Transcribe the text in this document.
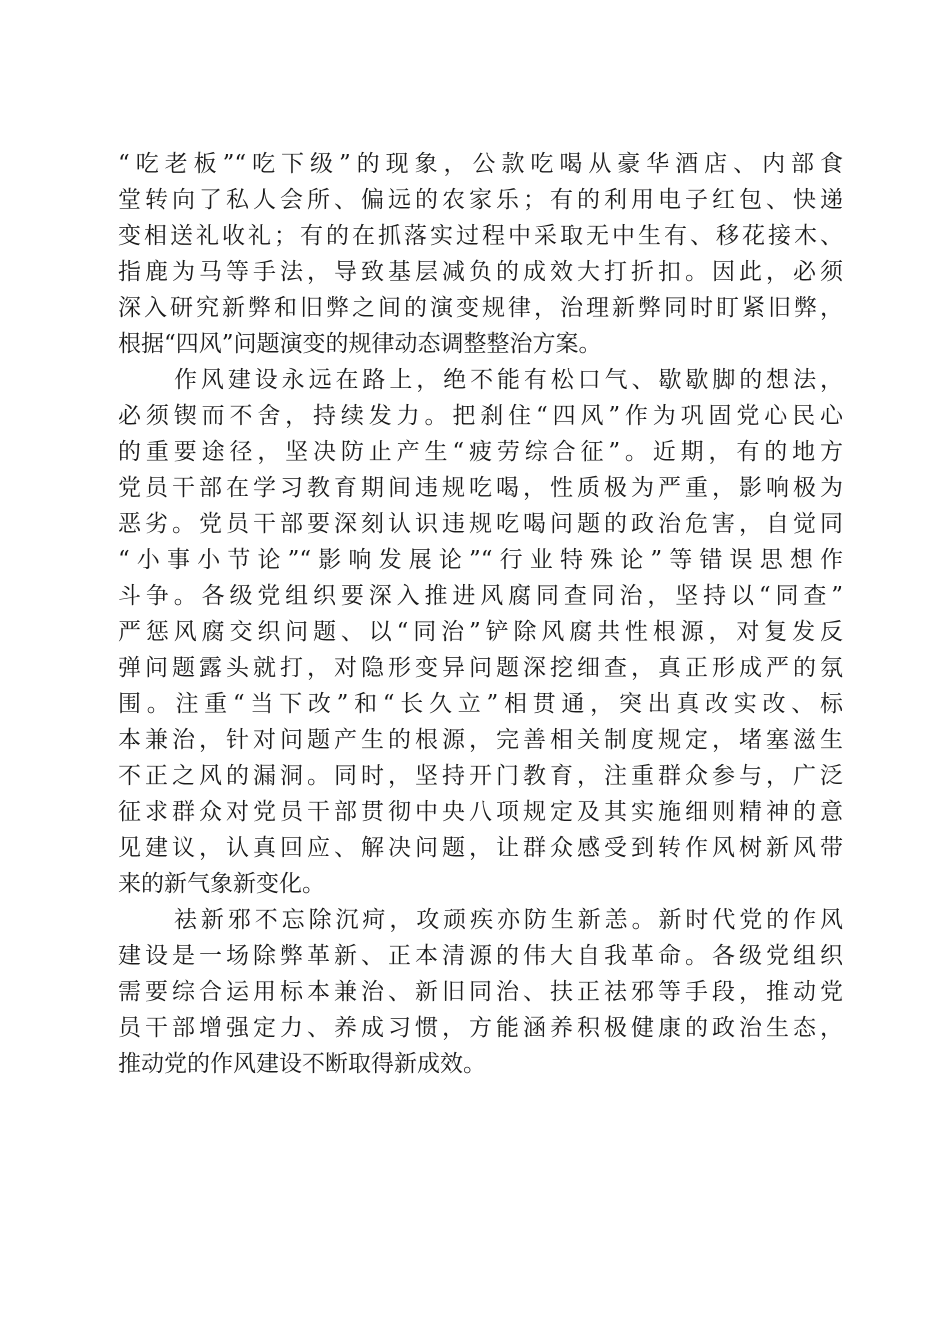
“吃老板”“吃下级”的现象，公款吃喝从豪华酒店、内部食
堂转向了私人会所、偏远的农家乐；有的利用电子红包、快递
变相送礼收礼；有的在抓落实过程中采取无中生有、移花接木、
指鹿为马等手法，导致基层减负的成效大打折扣。因此，必须
深入研究新弊和旧弊之间的演变规律，治理新弊同时盯紧旧弊，
根据“四风”问题演变的规律动态调整整治方案。
作风建设永远在路上，绝不能有松口气、歇歇脚的想法，
必须锲而不舍，持续发力。把刹住“四风”作为巩固党心民心
的重要途径，坚决防止产生“疲劳综合征”。近期，有的地方
党员干部在学习教育期间违规吃喝，性质极为严重，影响极为
恶劣。党员干部要深刻认识违规吃喝问题的政治危害，自觉同
“小事小节论”“影响发展论”“行业特殊论”等错误思想作
斗争。各级党组织要深入推进风腐同查同治，坚持以“同查”
严惩风腐交织问题、以“同治”铲除风腐共性根源，对复发反
弹问题露头就打，对隐形变异问题深挖细查，真正形成严的氛
围。注重“当下改”和“长久立”相贯通，突出真改实改、标
本兼治，针对问题产生的根源，完善相关制度规定，堵塞滋生
不正之风的漏洞。同时，坚持开门教育，注重群众参与，广泛
征求群众对党员干部贯彻中央八项规定及其实施细则精神的意
见建议，认真回应、解决问题，让群众感受到转作风树新风带
来的新气象新变化。
祛新邪不忘除沉疴，攻顽疾亦防生新恙。新时代党的作风
建设是一场除弊革新、正本清源的伟大自我革命。各级党组织
需要综合运用标本兼治、新旧同治、扶正祛邪等手段，推动党
员干部增强定力、养成习惯，方能涵养积极健康的政治生态，
推动党的作风建设不断取得新成效。
